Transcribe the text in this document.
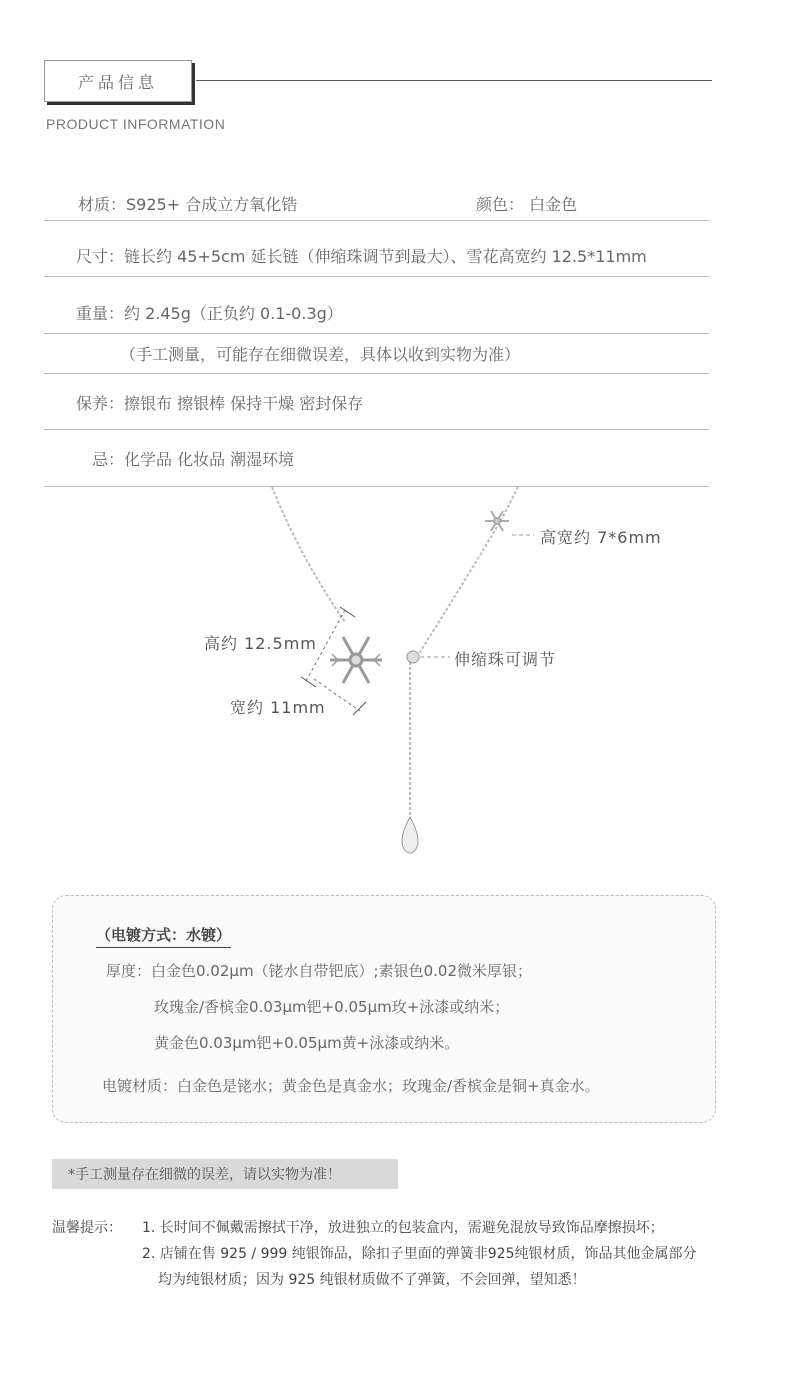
产品信息
PRODUCT INFORMATION
材质：S925+ 合成立方氧化锆	颜色： 白金色
尺寸：链长约 45+5cm 延长链（伸缩珠调节到最大）、雪花高宽约 12.5*11mm
重量：约 2.45g（正负约 0.1-0.3g）
（手工测量，可能存在细微误差，具体以收到实物为准）
保养：擦银布 擦银棒 保持干燥 密封保存
忌：化学品 化妆品 潮湿环境
高宽约 7*6mm
伸缩珠可调节
高约 12.5mm
宽约 11mm
（电镀方式：水镀）
厚度：白金色0.02μm（铑水自带钯底）;素银色0.02微米厚银；
玫瑰金/香槟金0.03μm钯+0.05μm玫+泳漆或纳米；
黄金色0.03μm钯+0.05μm黄+泳漆或纳米。
电镀材质：白金色是铑水；黄金色是真金水；玫瑰金/香槟金是铜+真金水。
*手工测量存在细微的误差，请以实物为准！
温馨提示： 1. 长时间不佩戴需擦拭干净，放进独立的包装盒内，需避免混放导致饰品摩擦损坏；
2. 店铺在售 925 / 999 纯银饰品，除扣子里面的弹簧非925纯银材质，饰品其他金属部分
均为纯银材质；因为 925 纯银材质做不了弹簧，不会回弹，望知悉！
